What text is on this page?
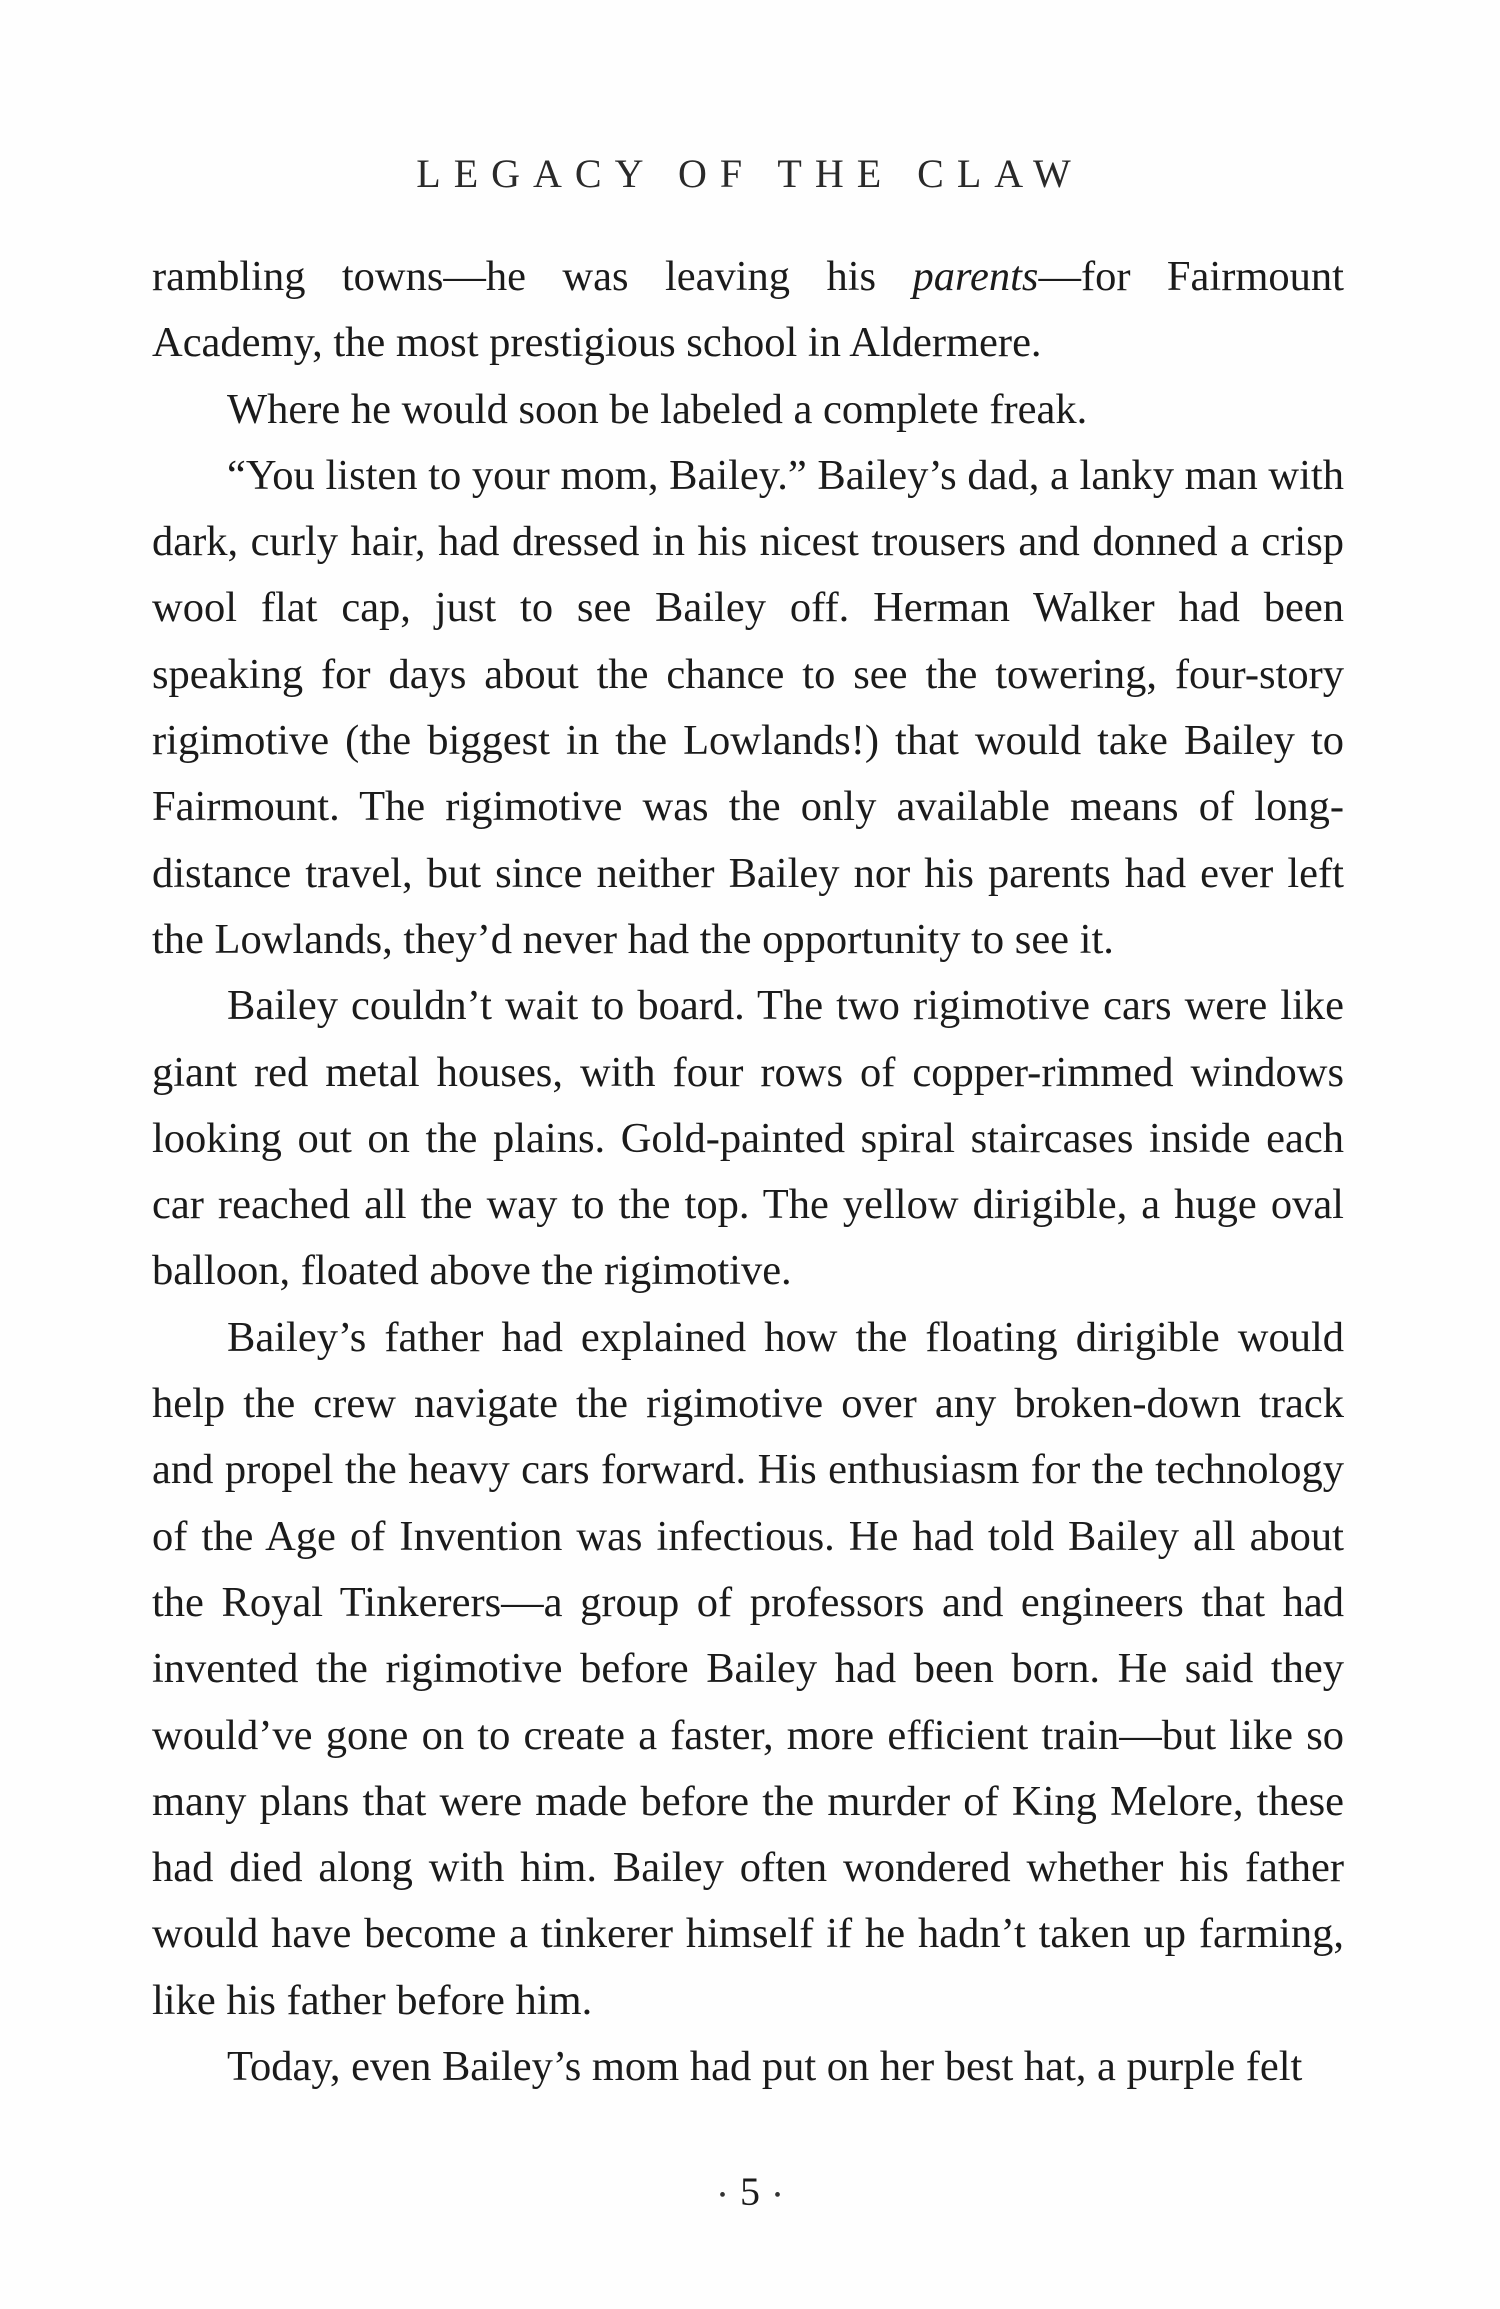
LEGACY OF THE CLAW

rambling towns—he was leaving his parents—for Fairmount Academy, the most prestigious school in Aldermere.

Where he would soon be labeled a complete freak.

“You listen to your mom, Bailey.” Bailey’s dad, a lanky man with dark, curly hair, had dressed in his nicest trousers and donned a crisp wool flat cap, just to see Bailey off. Herman Walker had been speaking for days about the chance to see the towering, four-story rigimotive (the biggest in the Lowlands!) that would take Bailey to Fairmount. The rigimotive was the only available means of long-distance travel, but since neither Bailey nor his parents had ever left the Lowlands, they’d never had the opportunity to see it.

Bailey couldn’t wait to board. The two rigimotive cars were like giant red metal houses, with four rows of copper-rimmed windows looking out on the plains. Gold-painted spiral staircases inside each car reached all the way to the top. The yellow dirigible, a huge oval balloon, floated above the rigimotive.

Bailey’s father had explained how the floating dirigible would help the crew navigate the rigimotive over any broken-down track and propel the heavy cars forward. His enthusiasm for the technology of the Age of Invention was infectious. He had told Bailey all about the Royal Tinkerers—a group of professors and engineers that had invented the rigimotive before Bailey had been born. He said they would’ve gone on to create a faster, more efficient train—but like so many plans that were made before the murder of King Melore, these had died along with him. Bailey often wondered whether his father would have become a tinkerer himself if he hadn’t taken up farming, like his father before him.

Today, even Bailey’s mom had put on her best hat, a purple felt

• 5 •
